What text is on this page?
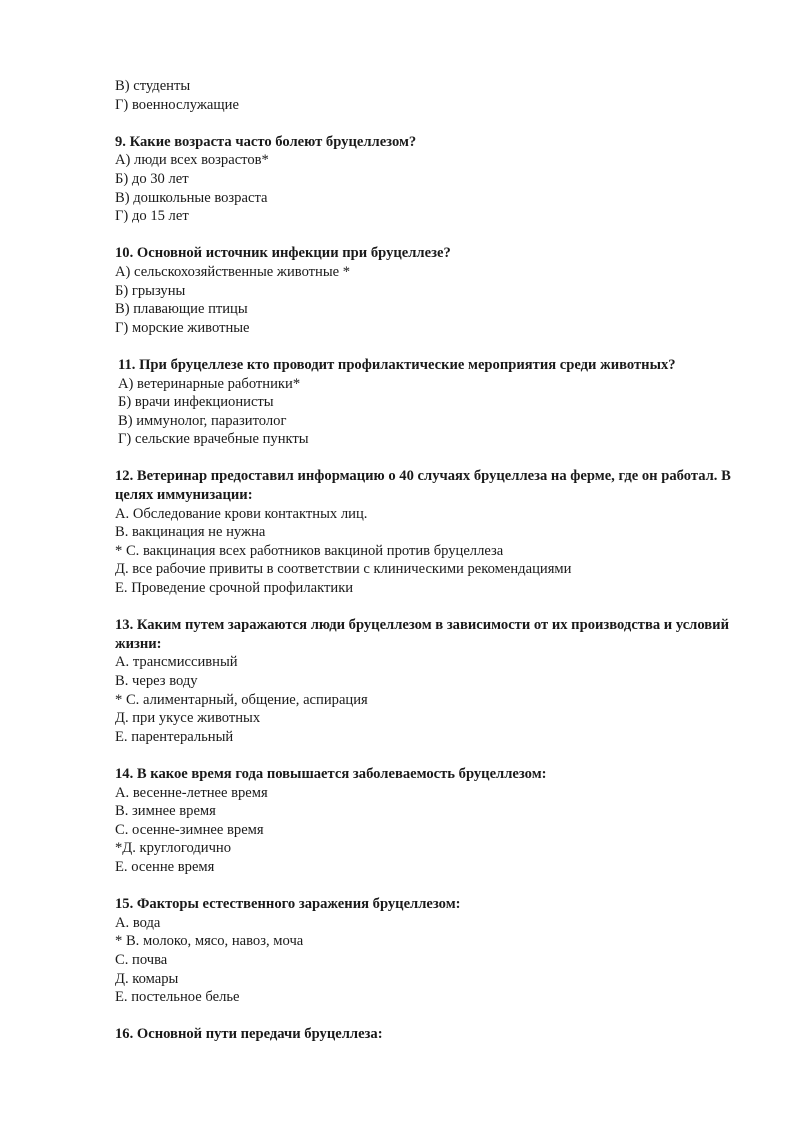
В) студенты
Г) военнослужащие
9. Какие возраста часто болеют бруцеллезом?
А) люди всех возрастов*
Б) до 30 лет
В) дошкольные возраста
Г) до 15 лет
10. Основной источник инфекции при бруцеллезе?
А) сельскохозяйственные животные *
Б) грызуны
В) плавающие птицы
Г) морские животные
11. При бруцеллезе кто проводит профилактические мероприятия среди животных?
А) ветеринарные работники*
Б) врачи инфекционисты
В) иммунолог, паразитолог
Г) сельские врачебные пункты
12. Ветеринар предоставил информацию о 40 случаях бруцеллеза на ферме, где он работал. В целях иммунизации:
А. Обследование крови контактных лиц.
В. вакцинация не нужна
* С. вакцинация всех работников вакциной против бруцеллеза
Д. все рабочие привиты в соответствии с клиническими рекомендациями
Е. Проведение срочной профилактики
13. Каким путем заражаются люди бруцеллезом в зависимости от их производства и условий жизни:
А. трансмиссивный
В. через воду
* С. алиментарный, общение, аспирация
Д. при укусе животных
Е. парентеральный
14. В какое время года повышается заболеваемость бруцеллезом:
А. весенне-летнее время
В. зимнее время
С. осенне-зимнее время
*Д. круглогодично
Е. осенне время
15. Факторы естественного заражения бруцеллезом:
А. вода
* В. молоко, мясо, навоз, моча
С. почва
Д. комары
Е. постельное белье
16. Основной пути передачи бруцеллеза:
